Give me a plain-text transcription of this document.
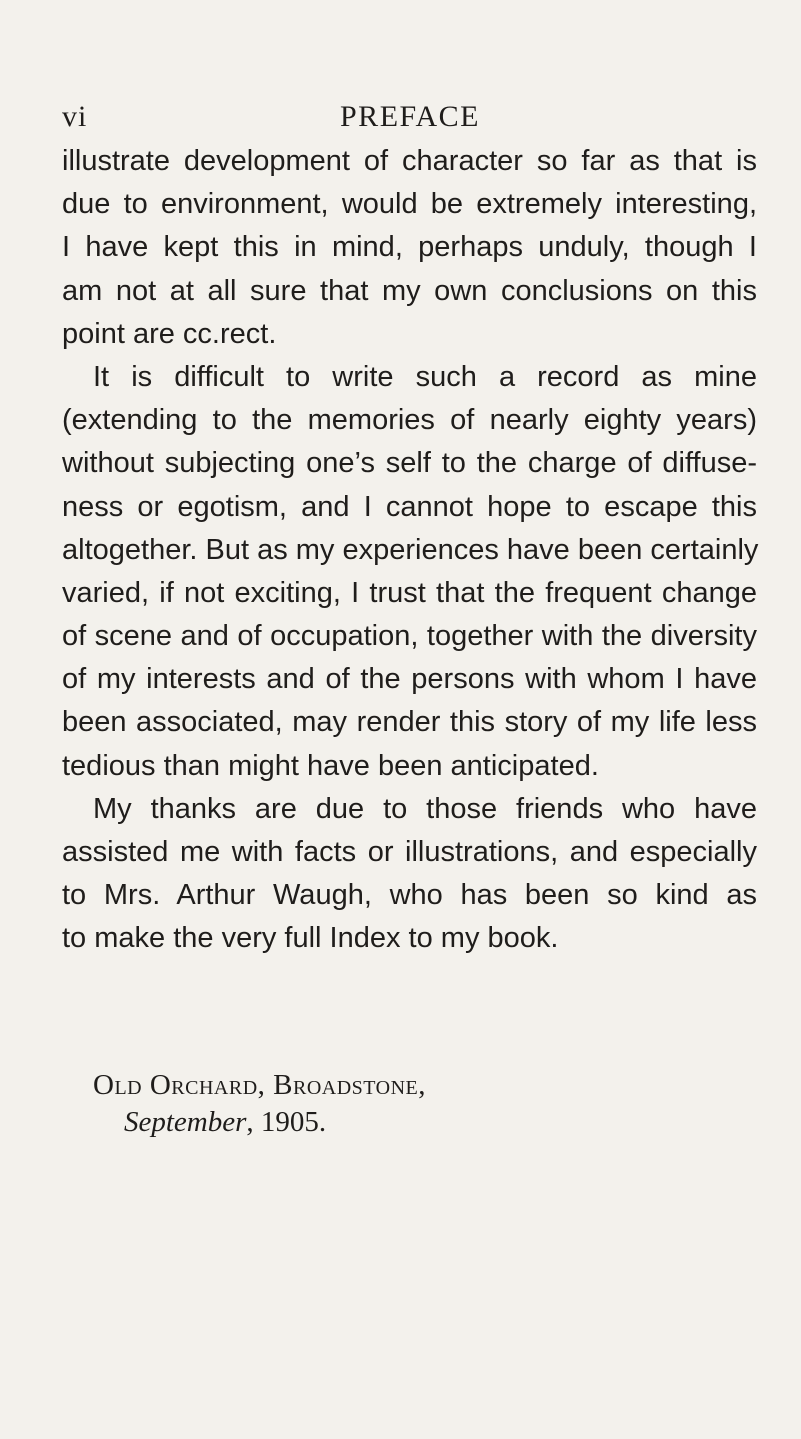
vi	PREFACE
illustrate development of character so far as that is
due to environment, would be extremely interesting,
I have kept this in mind, perhaps unduly, though I
am not at all sure that my own conclusions on this
point are cc.rect.
It is difficult to write such a record as mine
(extending to the memories of nearly eighty years)
without subjecting one’s self to the charge of diffuse-
ness or egotism, and I cannot hope to escape this
altogether. But as my experiences have been certainly
varied, if not exciting, I trust that the frequent change
of scene and of occupation, together with the diversity
of my interests and of the persons with whom I have
been associated, may render this story of my life less
tedious than might have been anticipated.
My thanks are due to those friends who have
assisted me with facts or illustrations, and especially
to Mrs. Arthur Waugh, who has been so kind as
to make the very full Index to my book.
Old Orchard, Broadstone,
September, 1905.
